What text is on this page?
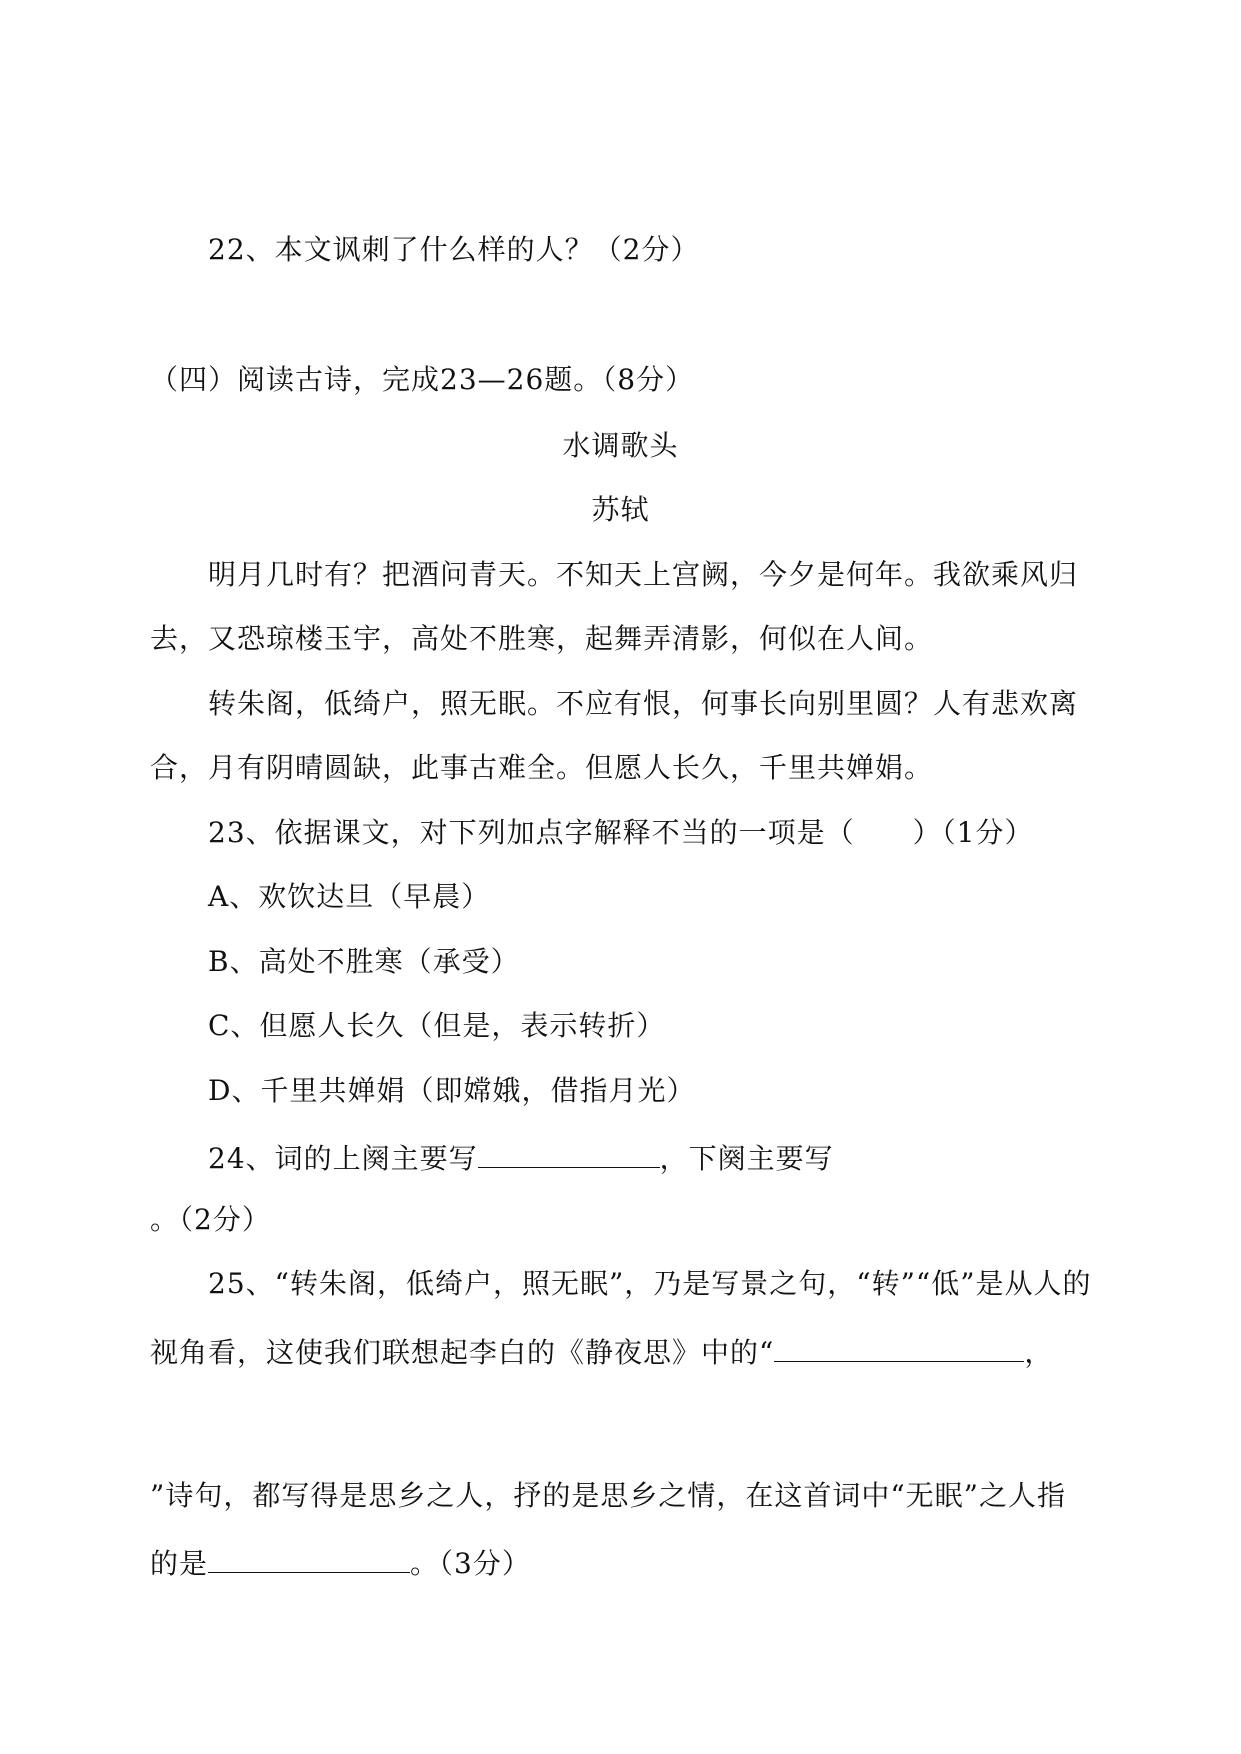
22、本文讽刺了什么样的人？（2分）
（四）阅读古诗，完成23—26题。（8分）
水调歌头
苏轼
明月几时有？把酒问青天。不知天上宫阙，今夕是何年。我欲乘风归
去，又恐琼楼玉宇，高处不胜寒，起舞弄清影，何似在人间。
转朱阁，低绮户，照无眠。不应有恨，何事长向别里圆？人有悲欢离
合，月有阴晴圆缺，此事古难全。但愿人长久，千里共婵娟。
23、依据课文，对下列加点字解释不当的一项是（　　）（1分）
A、欢饮达旦（早晨）
B、高处不胜寒（承受）
C、但愿人长久（但是，表示转折）
D、千里共婵娟（即嫦娥，借指月光）
24、词的上阕主要写	，下阕主要写
。（2分）
25、“转朱阁，低绮户，照无眠”，乃是写景之句，“转”“低”是从人的
视角看，这使我们联想起李白的《静夜思》中的“	，
”诗句，都写得是思乡之人，抒的是思乡之情，在这首词中“无眠”之人指
的是	。（3分）
